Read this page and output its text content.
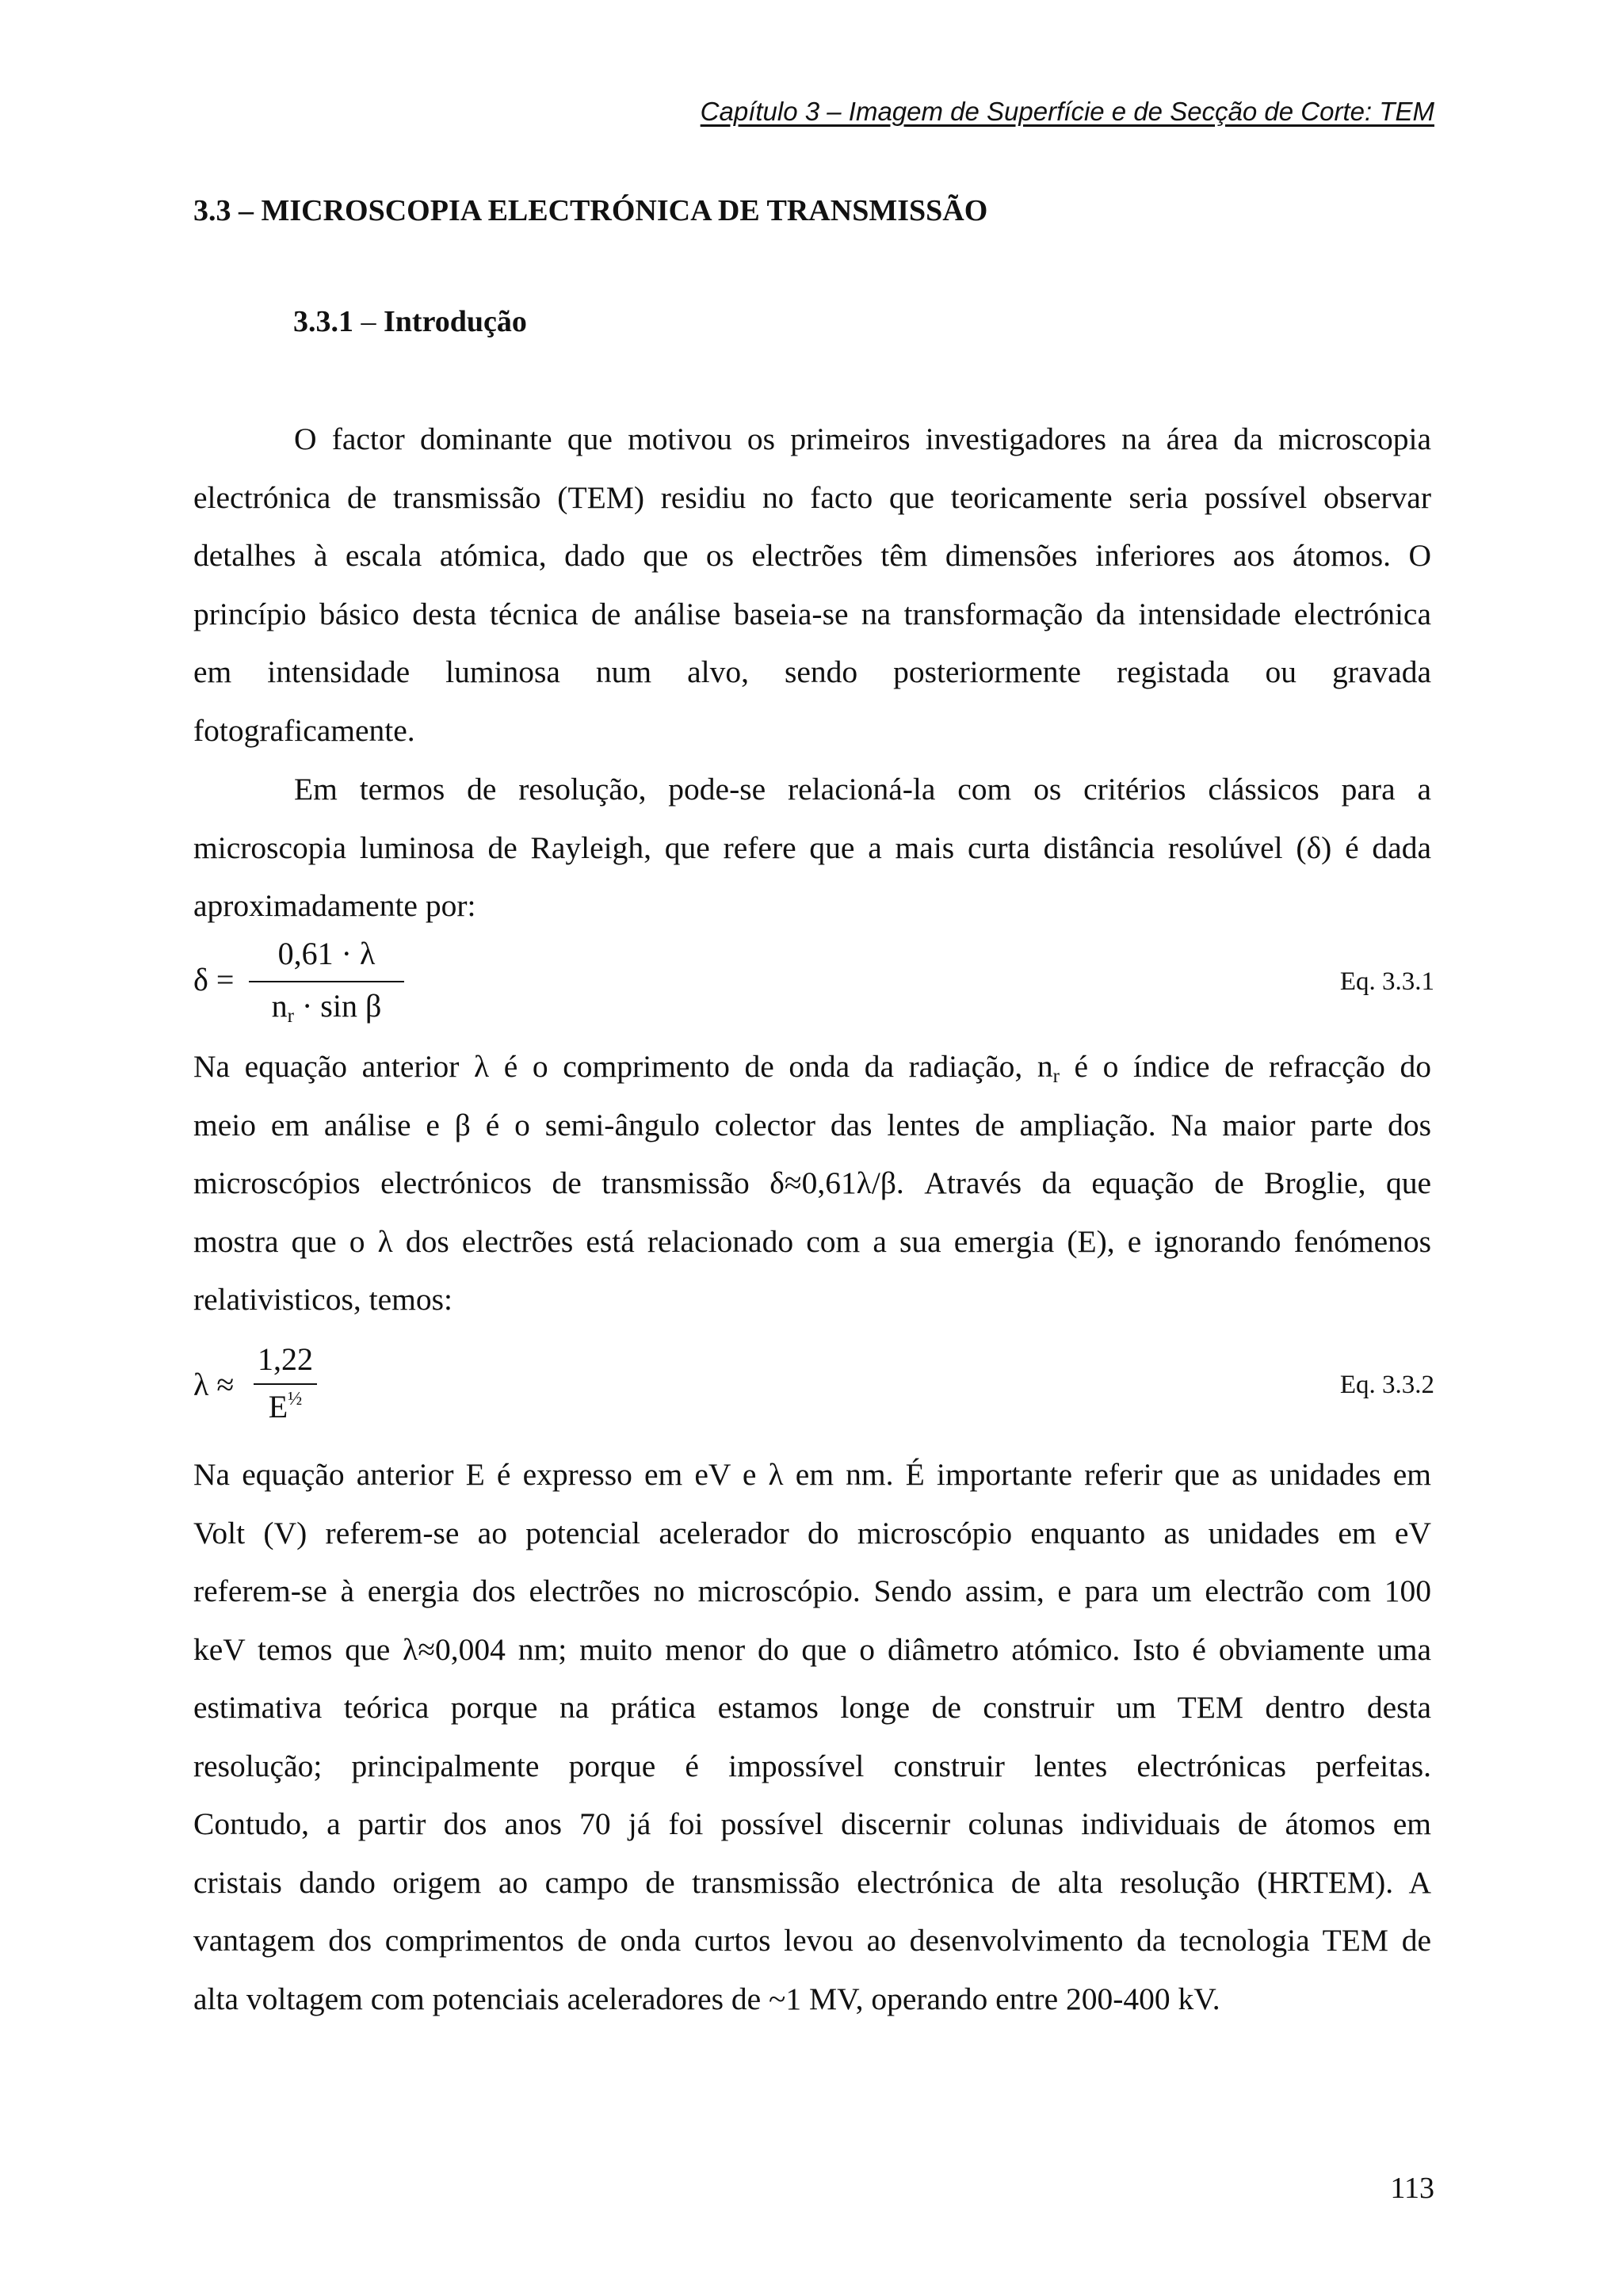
Capítulo 3 – Imagem de Superfície e de Secção de Corte: TEM
3.3 – MICROSCOPIA ELECTRÓNICA DE TRANSMISSÃO
3.3.1 – Introdução

O factor dominante que motivou os primeiros investigadores na área da microscopia
electrónica de transmissão (TEM) residiu no facto que teoricamente seria possível observar
detalhes à escala atómica, dado que os electrões têm dimensões inferiores aos átomos. O
princípio básico desta técnica de análise baseia-se na transformação da intensidade electrónica
em intensidade luminosa num alvo, sendo posteriormente registada ou gravada
fotograficamente.

Em termos de resolução, pode-se relacioná-la com os critérios clássicos para a
microscopia luminosa de Rayleigh, que refere que a mais curta distância resolúvel (δ) é dada
aproximadamente por:

δ =
0,61 · λ
$n_r \cdot \sin \beta$
Eq. 3.3.1

Na equação anterior λ é o comprimento de onda da radiação, $n_r$ é o índice de refracção do
meio em análise e β é o semi-ângulo colector das lentes de ampliação. Na maior parte dos
microscópios electrónicos de transmissão δ≈0,61λ/β. Através da equação de Broglie, que
mostra que o λ dos electrões está relacionado com a sua emergia (E), e ignorando fenómenos
relativisticos, temos:

λ ≈
1,22
$E^{\frac{1}{2}}$	Eq. 3.3.2

Na equação anterior E é expresso em eV e λ em nm. É importante referir que as unidades em
Volt (V) referem-se ao potencial acelerador do microscópio enquanto as unidades em eV
referem-se à energia dos electrões no microscópio. Sendo assim, e para um electrão com 100
keV temos que λ≈0,004 nm; muito menor do que o diâmetro atómico. Isto é obviamente uma
estimativa teórica porque na prática estamos longe de construir um TEM dentro desta
resolução; principalmente porque é impossível construir lentes electrónicas perfeitas.
Contudo, a partir dos anos 70 já foi possível discernir colunas individuais de átomos em
cristais dando origem ao campo de transmissão electrónica de alta resolução (HRTEM). A
vantagem dos comprimentos de onda curtos levou ao desenvolvimento da tecnologia TEM de
alta voltagem com potenciais aceleradores de ~1 MV, operando entre 200-400 kV.

113
